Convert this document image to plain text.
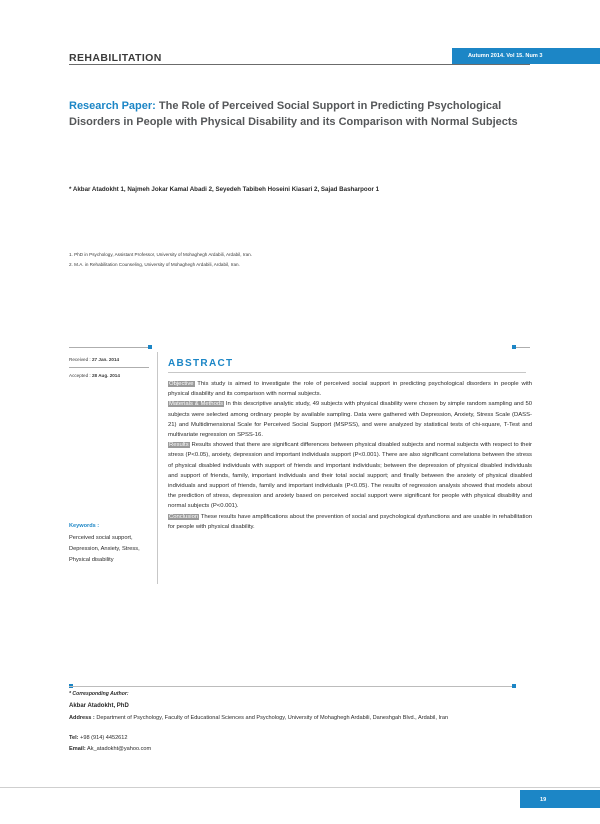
REHABILITATION	Autumn 2014. Vol 15. Num 3
Research Paper: The Role of Perceived Social Support in Predicting Psychological Disorders in People with Physical Disability and its Comparison with Normal Subjects
* Akbar Atadokht 1, Najmeh Jokar Kamal Abadi 2, Seyedeh Tabibeh Hoseini Kiasari 2, Sajad Basharpoor 1
1. PhD in Psychology, Assistant Professor, University of Mohaghegh Ardabili, Ardabil, Iran.
2. M.A. in Rehabilitation Counseling, University of Mohaghegh Ardabili, Ardabil, Iran.
Received : 27 Jan. 2014
Accepted : 28 Aug. 2014
ABSTRACT

Objective This study is aimed to investigate the role of perceived social support in predicting psychological disorders in people with physical disability and its comparison with normal subjects.

Materials & Methods In this descriptive analytic study, 49 subjects with physical disability were chosen by simple random sampling and 50 subjects were selected among ordinary people by available sampling. Data were gathered with Depression, Anxiety, Stress Scale (DASS-21) and Multidimensional Scale for Perceived Social Support (MSPSS), and were analyzed by statistical tests of chi-square, T-Test and multivariate regression on SPSS-16.

Results Results showed that there are significant differences between physical disabled subjects and normal subjects with respect to their stress (P<0.05), anxiety, depression and important individuals support (P<0.001). There are also significant correlations between the stress of physical disabled individuals with support of friends and important individuals; between the depression of physical disabled individuals and support of friends, family, important individuals and their total social support; and finally between the anxiety of physical disabled individuals and support of friends, family and important individuals (P<0.05). The results of regression analysis showed that models about the prediction of stress, depression and anxiety based on perceived social support were significant for people with physical disability and normal subjects (P<0.001).

Conclusion These results have amplifications about the prevention of social and psychological dysfunctions and are usable in rehabilitation for people with physical disability.

Keywords :
Perceived social support, Depression, Anxiety, Stress, Physical disability
* Corresponding Author:
Akbar Atadokht, PhD
Address : Department of Psychology, Faculty of Educational Sciences and Psychology, University of Mohaghegh Ardabili, Daneshgah Blvd., Ardabil, Iran
Tel: +98 (914) 4452612
Email: Ak_atadokht@yahoo.com
19
